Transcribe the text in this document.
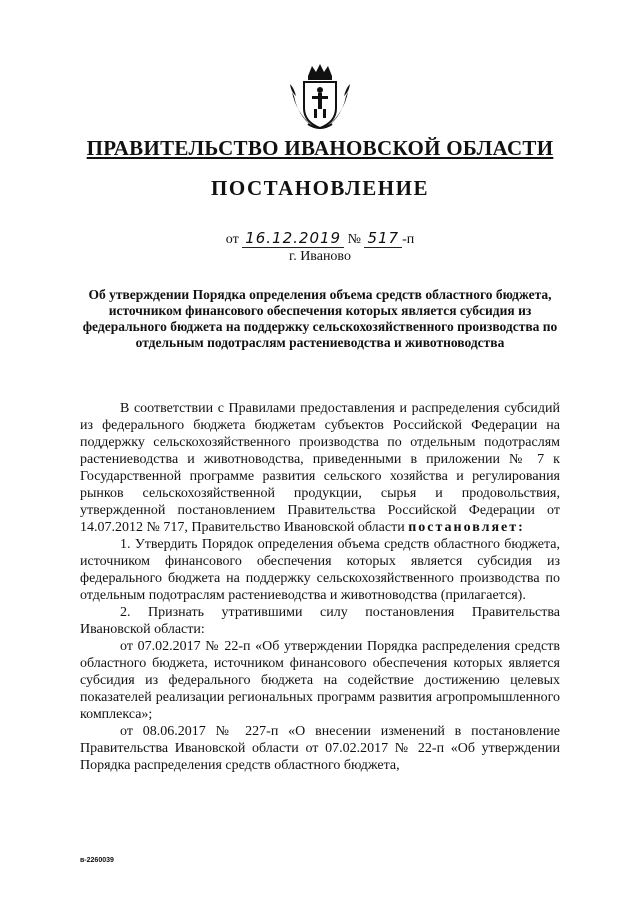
ПРАВИТЕЛЬСТВО ИВАНОВСКОЙ ОБЛАСТИ
ПОСТАНОВЛЕНИЕ
от 16.12.2019 № 517 -п
г. Иваново
Об утверждении Порядка определения объема средств областного бюджета, источником финансового обеспечения которых является субсидия из федерального бюджета на поддержку сельскохозяйственного производства по отдельным подотраслям растениеводства и животноводства

В соответствии с Правилами предоставления и распределения субсидий из федерального бюджета бюджетам субъектов Российской Федерации на поддержку сельскохозяйственного производства по отдельным подотраслям растениеводства и животноводства, приведенными в приложении № 7 к Государственной программе развития сельского хозяйства и регулирования рынков сельскохозяйственной продукции, сырья и продовольствия, утвержденной постановлением Правительства Российской Федерации от 14.07.2012 № 717, Правительство Ивановской области постановляет:

1. Утвердить Порядок определения объема средств областного бюджета, источником финансового обеспечения которых является субсидия из федерального бюджета на поддержку сельскохозяйственного производства по отдельным подотраслям растениеводства и животноводства (прилагается).

2. Признать утратившими силу постановления Правительства Ивановской области:

от 07.02.2017 № 22-п «Об утверждении Порядка распределения средств областного бюджета, источником финансового обеспечения которых является субсидия из федерального бюджета на содействие достижению целевых показателей реализации региональных программ развития агропромышленного комплекса»;

от 08.06.2017 № 227-п «О внесении изменений в постановление Правительства Ивановской области от 07.02.2017 № 22-п «Об утверждении Порядка распределения средств областного бюджета,

в-2260039
